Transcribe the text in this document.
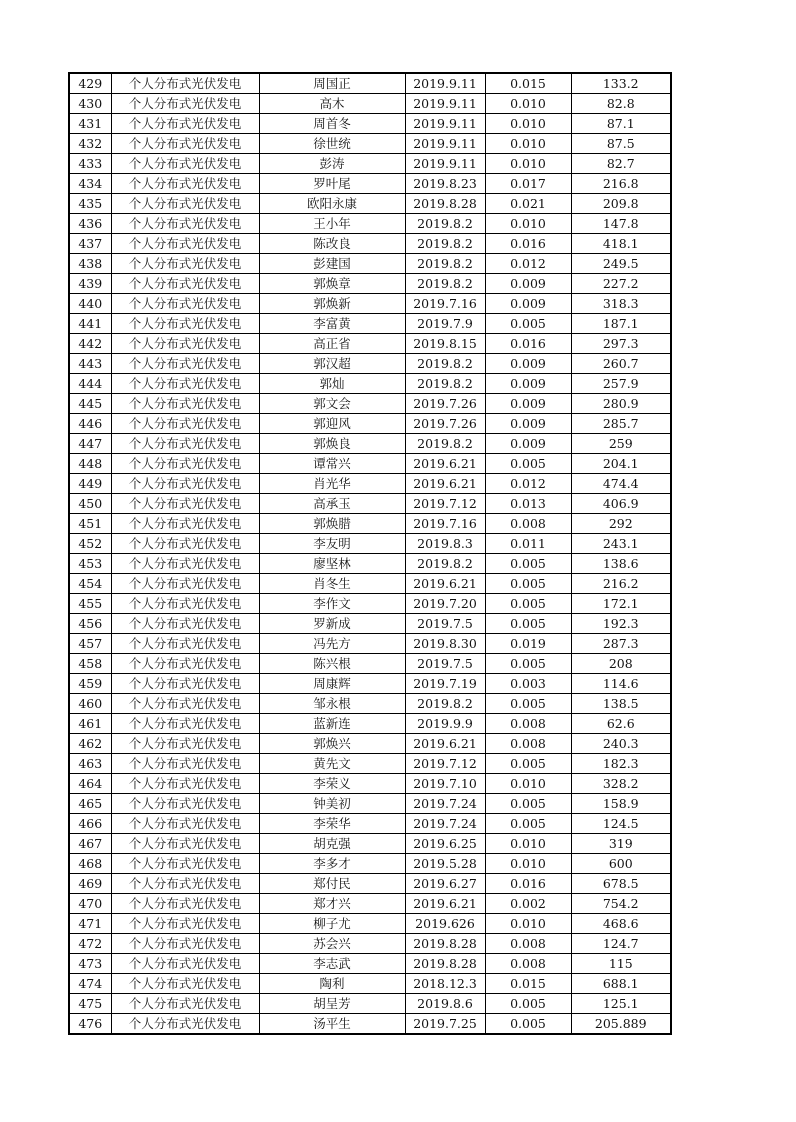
429	个人分布式光伏发电	周国正	2019.9.11	0.015	133.2
430	个人分布式光伏发电	高木	2019.9.11	0.010	82.8
431	个人分布式光伏发电	周首冬	2019.9.11	0.010	87.1
432	个人分布式光伏发电	徐世统	2019.9.11	0.010	87.5
433	个人分布式光伏发电	彭涛	2019.9.11	0.010	82.7
434	个人分布式光伏发电	罗叶尾	2019.8.23	0.017	216.8
435	个人分布式光伏发电	欧阳永康	2019.8.28	0.021	209.8
436	个人分布式光伏发电	王小年	2019.8.2	0.010	147.8
437	个人分布式光伏发电	陈改良	2019.8.2	0.016	418.1
438	个人分布式光伏发电	彭建国	2019.8.2	0.012	249.5
439	个人分布式光伏发电	郭焕章	2019.8.2	0.009	227.2
440	个人分布式光伏发电	郭焕新	2019.7.16	0.009	318.3
441	个人分布式光伏发电	李富黄	2019.7.9	0.005	187.1
442	个人分布式光伏发电	高正省	2019.8.15	0.016	297.3
443	个人分布式光伏发电	郭汉超	2019.8.2	0.009	260.7
444	个人分布式光伏发电	郭灿	2019.8.2	0.009	257.9
445	个人分布式光伏发电	郭文会	2019.7.26	0.009	280.9
446	个人分布式光伏发电	郭迎风	2019.7.26	0.009	285.7
447	个人分布式光伏发电	郭焕良	2019.8.2	0.009	259
448	个人分布式光伏发电	谭常兴	2019.6.21	0.005	204.1
449	个人分布式光伏发电	肖光华	2019.6.21	0.012	474.4
450	个人分布式光伏发电	高承玉	2019.7.12	0.013	406.9
451	个人分布式光伏发电	郭焕腊	2019.7.16	0.008	292
452	个人分布式光伏发电	李友明	2019.8.3	0.011	243.1
453	个人分布式光伏发电	廖坚林	2019.8.2	0.005	138.6
454	个人分布式光伏发电	肖冬生	2019.6.21	0.005	216.2
455	个人分布式光伏发电	李作文	2019.7.20	0.005	172.1
456	个人分布式光伏发电	罗新成	2019.7.5	0.005	192.3
457	个人分布式光伏发电	冯先方	2019.8.30	0.019	287.3
458	个人分布式光伏发电	陈兴根	2019.7.5	0.005	208
459	个人分布式光伏发电	周康辉	2019.7.19	0.003	114.6
460	个人分布式光伏发电	邹永根	2019.8.2	0.005	138.5
461	个人分布式光伏发电	蓝新连	2019.9.9	0.008	62.6
462	个人分布式光伏发电	郭焕兴	2019.6.21	0.008	240.3
463	个人分布式光伏发电	黄先文	2019.7.12	0.005	182.3
464	个人分布式光伏发电	李荣义	2019.7.10	0.010	328.2
465	个人分布式光伏发电	钟美初	2019.7.24	0.005	158.9
466	个人分布式光伏发电	李荣华	2019.7.24	0.005	124.5
467	个人分布式光伏发电	胡克强	2019.6.25	0.010	319
468	个人分布式光伏发电	李多才	2019.5.28	0.010	600
469	个人分布式光伏发电	郑付民	2019.6.27	0.016	678.5
470	个人分布式光伏发电	郑才兴	2019.6.21	0.002	754.2
471	个人分布式光伏发电	柳子尤	2019.626	0.010	468.6
472	个人分布式光伏发电	苏会兴	2019.8.28	0.008	124.7
473	个人分布式光伏发电	李志武	2019.8.28	0.008	115
474	个人分布式光伏发电	陶利	2018.12.3	0.015	688.1
475	个人分布式光伏发电	胡呈芳	2019.8.6	0.005	125.1
476	个人分布式光伏发电	汤平生	2019.7.25	0.005	205.889
